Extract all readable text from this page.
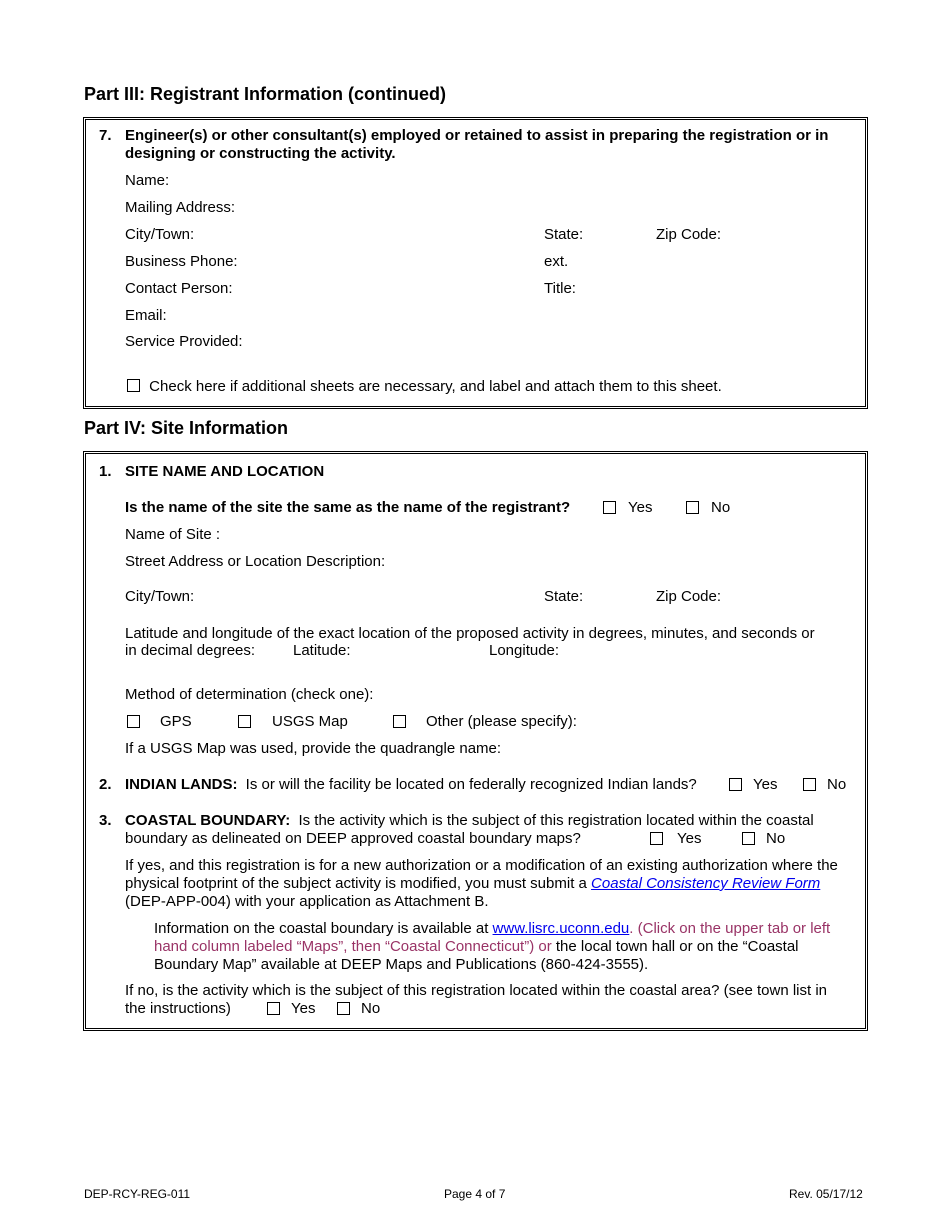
Part III: Registrant Information (continued)
7. Engineer(s) or other consultant(s) employed or retained to assist in preparing the registration or in designing or constructing the activity.
Name:
Mailing Address:
City/Town:	State:	Zip Code:
Business Phone:	ext.
Contact Person:	Title:
Email:
Service Provided:
Check here if additional sheets are necessary, and label and attach them to this sheet.
Part IV: Site Information
1. SITE NAME AND LOCATION
Is the name of the site the same as the name of the registrant?	Yes	No
Name of Site :
Street Address or Location Description:
City/Town:	State:	Zip Code:
Latitude and longitude of the exact location of the proposed activity in degrees, minutes, and seconds or
in decimal degrees:	Latitude:	Longitude:
Method of determination (check one):
GPS	USGS Map	Other (please specify):
If a USGS Map was used, provide the quadrangle name:
2. INDIAN LANDS: Is or will the facility be located on federally recognized Indian lands?	Yes	No
3. COASTAL BOUNDARY: Is the activity which is the subject of this registration located within the coastal
boundary as delineated on DEEP approved coastal boundary maps?	Yes	No
If yes, and this registration is for a new authorization or a modification of an existing authorization where the physical footprint of the subject activity is modified, you must submit a Coastal Consistency Review Form (DEP-APP-004) with your application as Attachment B.
Information on the coastal boundary is available at www.lisrc.uconn.edu. (Click on the upper tab or left hand column labeled “Maps”, then “Coastal Connecticut”) or the local town hall or on the “Coastal Boundary Map” available at DEEP Maps and Publications (860-424-3555).
If no, is the activity which is the subject of this registration located within the coastal area? (see town list in
the instructions)	Yes	No
DEP-RCY-REG-011	Page 4 of 7	Rev. 05/17/12
